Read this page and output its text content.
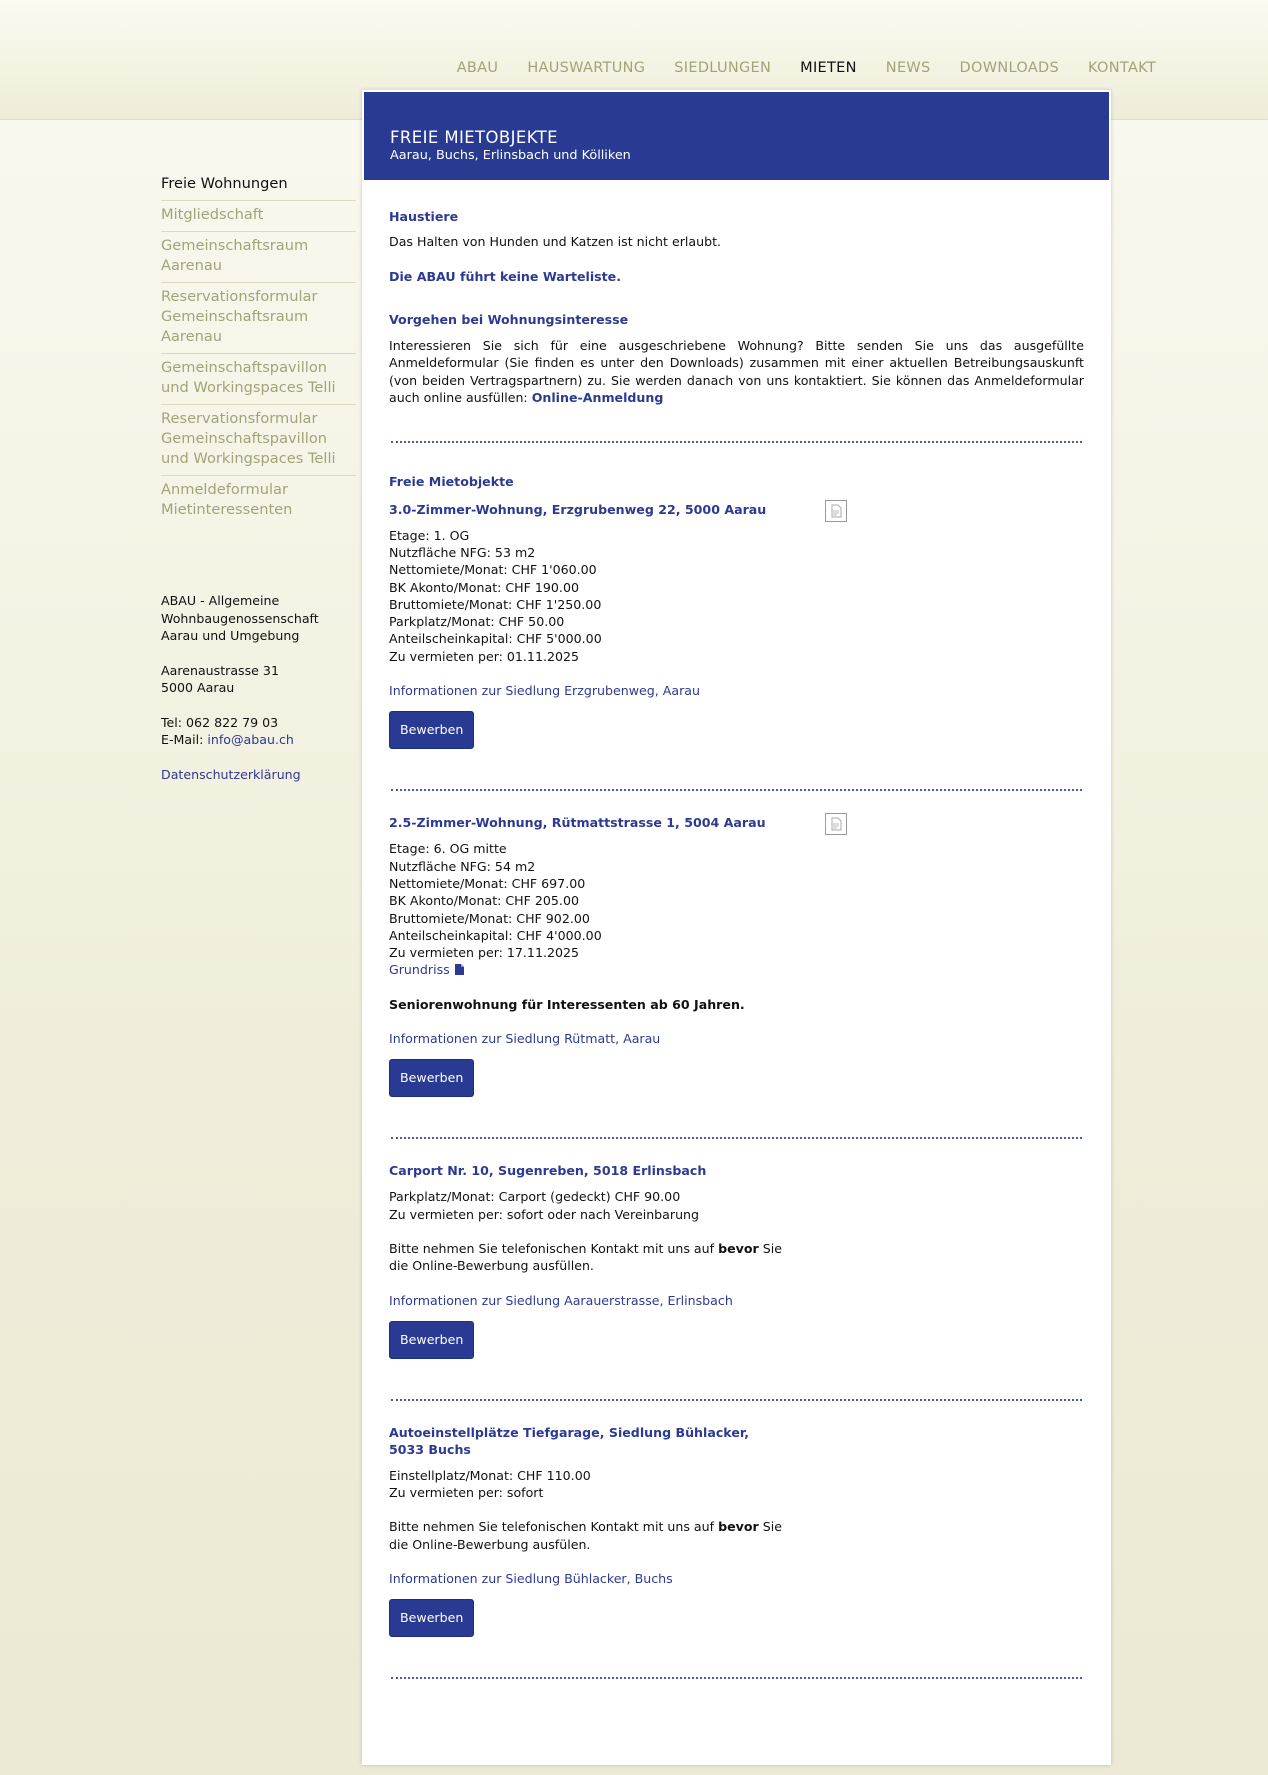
ABAU HAUSWARTUNG SIEDLUNGEN MIETEN NEWS DOWNLOADS KONTAKT
Freie Wohnungen
Mitgliedschaft
Gemeinschaftsraum Aarenau
Reservationsformular Gemeinschaftsraum Aarenau
Gemeinschaftspavillon und Workingspaces Telli
Reservationsformular Gemeinschaftspavillon und Workingspaces Telli
Anmeldeformular Mietinteressenten

ABAU - Allgemeine
Wohnbaugenossenschaft
Aarau und Umgebung

Aarenaustrasse 31
5000 Aarau

Tel: 062 822 79 03
E-Mail: info@abau.ch

Datenschutzerklärung

FREIE MIETOBJEKTE
Aarau, Buchs, Erlinsbach und Kölliken

Haustiere

Das Halten von Hunden und Katzen ist nicht erlaubt.

Die ABAU führt keine Warteliste.

Vorgehen bei Wohnungsinteresse

Interessieren Sie sich für eine ausgeschriebene Wohnung? Bitte senden Sie uns das ausgefüllte Anmeldeformular (Sie finden es unter den Downloads) zusammen mit einer aktuellen Betreibungsauskunft (von beiden Vertragspartnern) zu. Sie werden danach von uns kontaktiert. Sie können das Anmeldeformular auch online ausfüllen: Online-Anmeldung

Freie Mietobjekte

3.0-Zimmer-Wohnung, Erzgrubenweg 22, 5000 Aarau
Etage: 1. OG
Nutzfläche NFG: 53 m2
Nettomiete/Monat: CHF 1'060.00
BK Akonto/Monat: CHF 190.00
Bruttomiete/Monat: CHF 1'250.00
Parkplatz/Monat: CHF 50.00
Anteilscheinkapital: CHF 5'000.00
Zu vermieten per: 01.11.2025
Informationen zur Siedlung Erzgrubenweg, Aarau
Bewerben
2.5-Zimmer-Wohnung, Rütmattstrasse 1, 5004 Aarau
Etage: 6. OG mitte
Nutzfläche NFG: 54 m2
Nettomiete/Monat: CHF 697.00
BK Akonto/Monat: CHF 205.00
Bruttomiete/Monat: CHF 902.00
Anteilscheinkapital: CHF 4'000.00
Zu vermieten per: 17.11.2025
Grundriss
Seniorenwohnung für Interessenten ab 60 Jahren.
Informationen zur Siedlung Rütmatt, Aarau
Bewerben
Carport Nr. 10, Sugenreben, 5018 Erlinsbach
Parkplatz/Monat: Carport (gedeckt) CHF 90.00
Zu vermieten per: sofort oder nach Vereinbarung
Bitte nehmen Sie telefonischen Kontakt mit uns auf bevor Sie die Online-Bewerbung ausfüllen.
Informationen zur Siedlung Aarauerstrasse, Erlinsbach
Bewerben
Autoeinstellplätze Tiefgarage, Siedlung Bühlacker, 5033 Buchs
Einstellplatz/Monat: CHF 110.00
Zu vermieten per: sofort
Bitte nehmen Sie telefonischen Kontakt mit uns auf bevor Sie die Online-Bewerbung ausfülen.
Informationen zur Siedlung Bühlacker, Buchs
Bewerben
